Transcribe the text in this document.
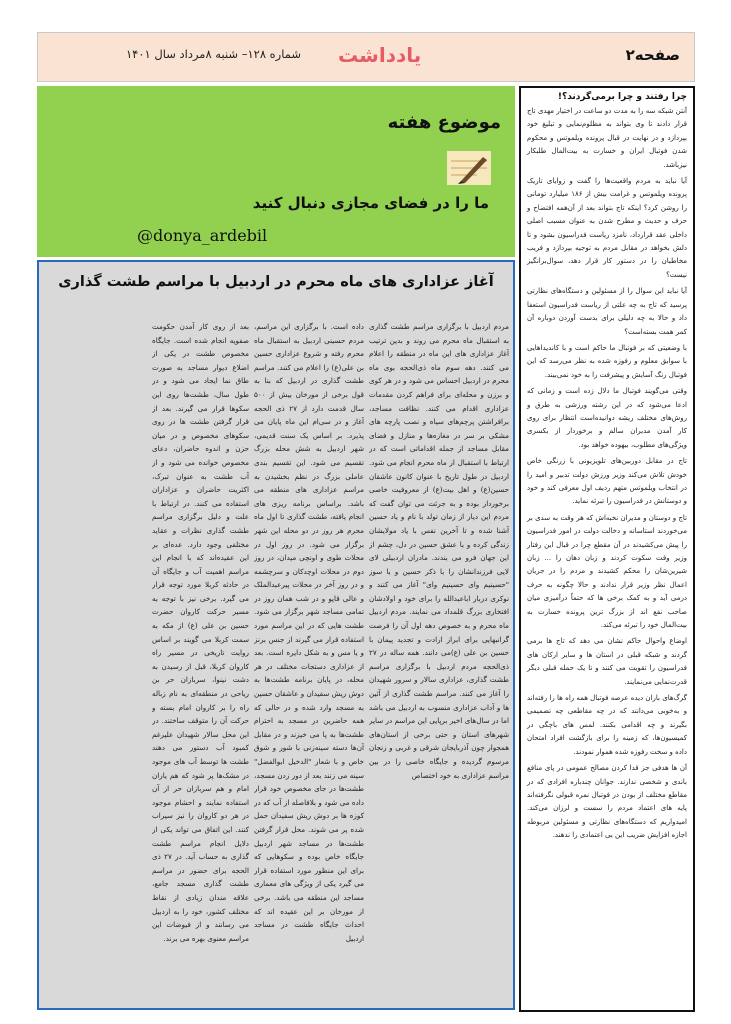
صفحه۲
یادداشت
شماره ۱۲۸– شنبه ۸مرداد سال ۱۴۰۱
چرا رفتند و چرا برمی‌گردند؟!

آنتن شبکه سه را به مدت دو ساعت در اختیار مهدی تاج قرار دادند تا وی بتواند به مظلوم‌نمایی و تبلیغ خود بپردازد و در نهایت در قبال پرونده ویلموتس و محکوم شدن فوتبال ایران و خسارت به بیت‌المال طلبکار نیزباشد.

آیا نباید به مردم واقعیت‌ها را گفت و زوایای تاریک پرونده ویلموتس و غرامت بیش از ۱۸۶ میلیارد تومانی را روشن کرد؟ اینکه تاج بتواند بعد از آن‌همه افتضاح و حرف و حدیث و مطرح شدن به عنوان مسبب اصلی داخلی عقد قرارداد، نامزد ریاست فدراسیون بشود و تا دلش بخواهد در مقابل مردم به توجیه بپردازد و فریب مخاطبان را در دستور کار قرار دهد، سوال‌برانگیز نیست؟

آیا نباید این سوال را از مسئولین و دستگاه‌های نظارتی پرسید که تاج به چه علتی از ریاست فدراسیون استعفا داد و حالا به چه دلیلی برای بدست آوردن دوباره آن کمر همت بسته‌است؟

با وضعیتی که بر فوتبال ما حاکم است و با کاندیداهایی با سوابق معلوم و رفوزه شده به نظر می‌رسد که این فوتبال رنگ آسایش و پیشرفت را به خود نمی‌بیند.

وقتی می‌گویند فوتبال ما دلال زده است و زمانی که ادعا می‌شود که در این رشته ورزشی به طرق و روش‌های مختلف ریشه دوانیده‌است انتظار برای روی کار آمدن مدیران سالم و برخوردار از بکسری ویژگی‌های مطلوب، بیهوده خواهد بود.

تاج در مقابل دوربین‌های تلویزیونی با زرنگی خاص خودش تلاش می‌کند وزیر ورزش دولت تدبیر و امید را در انتخاب ویلموتس متهم ردیف اول معرفی کند و خود و دوستانش در فدراسیون را تبرئه نماید.

تاج و دوستان و مدیران نخبه‌اش که هر وقت به سدی بر می‌خوردند استاسانه و دخالت دولت در امور فدراسیون را پیش می‌کشیدند در آن مقطع چرا در قبال این رفتار وزیر وقت سکوت کردند و زبان دهان را ... زبان شیرین‌شان را محکم کشیدند و مردم را در جریان اعمال نظر وزیر قرار ندادند و حالا چگونه به حرف درمی آید و به کمک برخی ها که حتماً درآمیزی میان صاحب نفع اند از بزرگ ترین پرونده خسارت به بیت‌المال خود را تبرئه می‌کند.

اوضاع واحوال حاکم نشان می دهد که تاج ها برمی گردند و شبکه قبلی در استان ها و سایر ارکان های فدراسیون را تقویت می کنند و تا یک حمله قبلی دیگر قدرت‌نمایی می‌نمایند.

گرگ‌های باران دیده عرصه فوتبال همه راه ها را رفته‌اند و به‌خوبی می‌دانند که در چه مقاطعی چه تصمیمی بگیرند و چه اقدامی بکنند. لمس های باچگی در کمیسیون‌ها، که زمینه را برای بازگشت افراد امتحان داده و سخت رفوزه شده هموار نمودند.

آن ها هدفی جز قدا کردن مصالح عمومی در پای منافع باندی و شخصی ندارند. جوانان چندباره افرادی که در مقاطع مختلف از بودن در فوتبال نمره قبولی نگرفته‌اند پایه های اعتماد مردم را سست و لرزان می‌کند. امیدواریم که دستگاه‌های نظارتی و مسئولین مربوطه اجازه افزایش ضریب این بی اعتمادی را ندهند.

موضوع هفته
ما را در فضای مجازی دنبال کنید
@donya_ardebil
آغاز عزاداری های ماه محرم در اردبیل با مراسم طشت گذاری

مردم اردبیل با برگزاری مراسم طشت گذاری به استقبال ماه محرم می روند و بدین ترتیب آغاز عزاداری های این ماه در منطقه را اعلام می کنند. دهه سوم ماه ذی‌الحجه بوی ماه محرم در اردبیل احساس می شود و در هر کوی و برزن و محله‌ای برای فراهم کردن مقدمات عزاداری اقدام می کنند. نظافت مساجد، برافراشتن پرچم‌های سیاه و نصب پارچه های مشکی بر سر در مغازه‌ها و منازل و فضای مقابل مساجد از جمله اقداماتی است که در ارتباط با استقبال از ماه محرم انجام می شود. اردبیل در طول تاریخ با عنوان کانون عاشقان حسین(ع) و اهل بیت(ع) از معروفیت خاصی برخوردار بوده و به جرئت می توان گفت که مردم این دیار از زمان تولد با نام و یاد حسین آشنا شده و تا آخرین نفس با یاد مولایشان زندگی کرده و با عشق حسین در دل، چشم از این جهان فرو می بندند. مادران اردبیلی لای لایی فرزندانشان را با ذکر حسین و با سوز "حسینیم وای حسینیم وای" آغاز می کنند و نوکری دربار ابا‌عبدالله را برای خود و اولادشان افتخاری بزرگ قلمداد می نمایند. مردم اردبیل ماه محرم و به خصوص دهه اول آن را فرصت گرانبهایی برای ابراز ارادت و تجدید پیمان با حسین بن علی (ع)می دانند. همه ساله در ۲۷ ذی‌الحجه مردم اردبیل با برگزاری مراسم طشت گذاری، عزاداری سالار و سرور شهیدان را آغاز می کنند. مراسم طشت گذاری از آئین ها و آداب عزاداری منسوب به اردبیل می باشد اما در سال‌های اخیر برپایی این مراسم در سایر شهرهای استان و حتی برخی از استان‌های همجوار چون آذربایجان شرقی و غربی و زنجان مرسوم گردیده و جایگاه خاصی را در بین مراسم عزاداری به خود اختصاص

داده است. با برگزاری این مراسم، مردم حسینی اردبیل به استقبال ماه محرم رفته و شروع عزاداری حسین بن علی(ع) را اعلام می کنند. مراسم طشت گذاری در اردبیل که بنا به قول برخی از مورخان بیش از ۵۰۰ سال قدمت دارد از ۲۷ ذی الحجه آغاز و در سی‌ام این ماه پایان می پذیرد. بر اساس یک سنت قدیمی، شهر اردبیل به شش محله بزرگ تقسیم می شود. این تقسیم بندی عاملی بزرگ در نظم بخشیدن به مراسم عزاداری های منطقه می باشد. براساس برنامه ریزی های انجام یافته، طشت گذاری تا اول ماه محرم هر روز در دو محله این شهر برگزار می شود. در روز اول در محلات طوی و اونچی میدان، در روز دوم در محلات اوچدکان و سرچشمه و در روز آخر در محلات پیرعبدالملک و عالی قاپو و در شب همان روز در تمامی مساجد شهر برگزار می شود. طشت هایی که در این مراسم مورد استفاده قرار می گیرند از جنس برنز و یا مس و به شکل دایره است. بعد از عزاداری دستجات مختلف در هر محله، در پایان برنامه طشت‌ها به دوش ریش سفیدان و عاشقان حسین به مسجد وارد شده و در حالی که همه حاضرین در مسجد به احترام طشت‌ها به پا می خیزند و در مقابل آن‌ها دسته سینه‌زنی با شور و شوق خاص و با شعار "الدخیل ابوالفضل" سینه می زنند بعد از دور زدن مسجد، طشت‌ها در جای مخصوص خود قرار داده می شود و بلافاصله از آب که در کوزه ها بر دوش ریش سفیدان حمل شده پر می شوند. محل قرار گرفتن طشت‌ها در مساجد شهر اردبیل جایگاه خاص بوده و سکوهایی که برای این منظور مورد استفاده قرار می گیرد یکی از ویژگی های معماری مساجد این منطقه می باشد. برخی از مورخان بر این عقیده اند که احداث جایگاه طشت در مساجد اردبیل

بعد از روی کار آمدن حکومت صفویه انجام شده است. جایگاه مخصوص طشت در یکی از اضلاع دیوار مساجد به صورت طاق نما ایجاد می شود و در طول سال، طشت‌ها روی این سکوها قرار می گیرند. بعد از قرار گرفتن طشت ها در روی سکوهای مخصوص و در میان حزن و اندوه حاضران، دعای مخصوص خوانده می شود و از آب طشت به عنوان تبرک، اکثریت حاضران و عزاداران استفاده می کنند. در ارتباط با علت و دلیل برگزاری مراسم طشت گذاری نظرات و عقاید مختلفی وجود دارد. عده‌ای بر این عقیده‌اند که با انجام این مراسم اهمیت آب و جایگاه آن در حادثه کربلا مورد توجه قرار می گیرد. برخی نیز با توجه به مسیر حرکت کاروان حضرت حسین بن علی (ع) از مکه به سمت کربلا می گویند بر اساس روایت تاریخی در مسیر راه کاروان کربلا، قبل از رسیدن به دشت نینوا، سربازان حر بن ریاحی در منطقه‌ای به نام زباله راه را بر کاروان امام بسته و حرکت آن را متوقف ساختند. در این محل سالار شهیدان علیرغم کمبود آب دستور می دهند طشت ها توسط آب های موجود در مشک‌ها پر شود که هم یاران امام و هم سربازان حر از آن استفاده نمایند و احشام موجود در هر دو کاروان را نیز سیراب کنند. این اتفاق می تواند یکی از دلایل انجام مراسم طشت گذاری به حساب آید. در ۲۷ ذی الحجه برای حضور در مراسم طشت گذاری مسجد جامع، علاقه مندان زیادی از نقاط مختلف کشور، خود را به اردبیل می رسانند و از فیوضات این مراسم معنوی بهره می برند.
